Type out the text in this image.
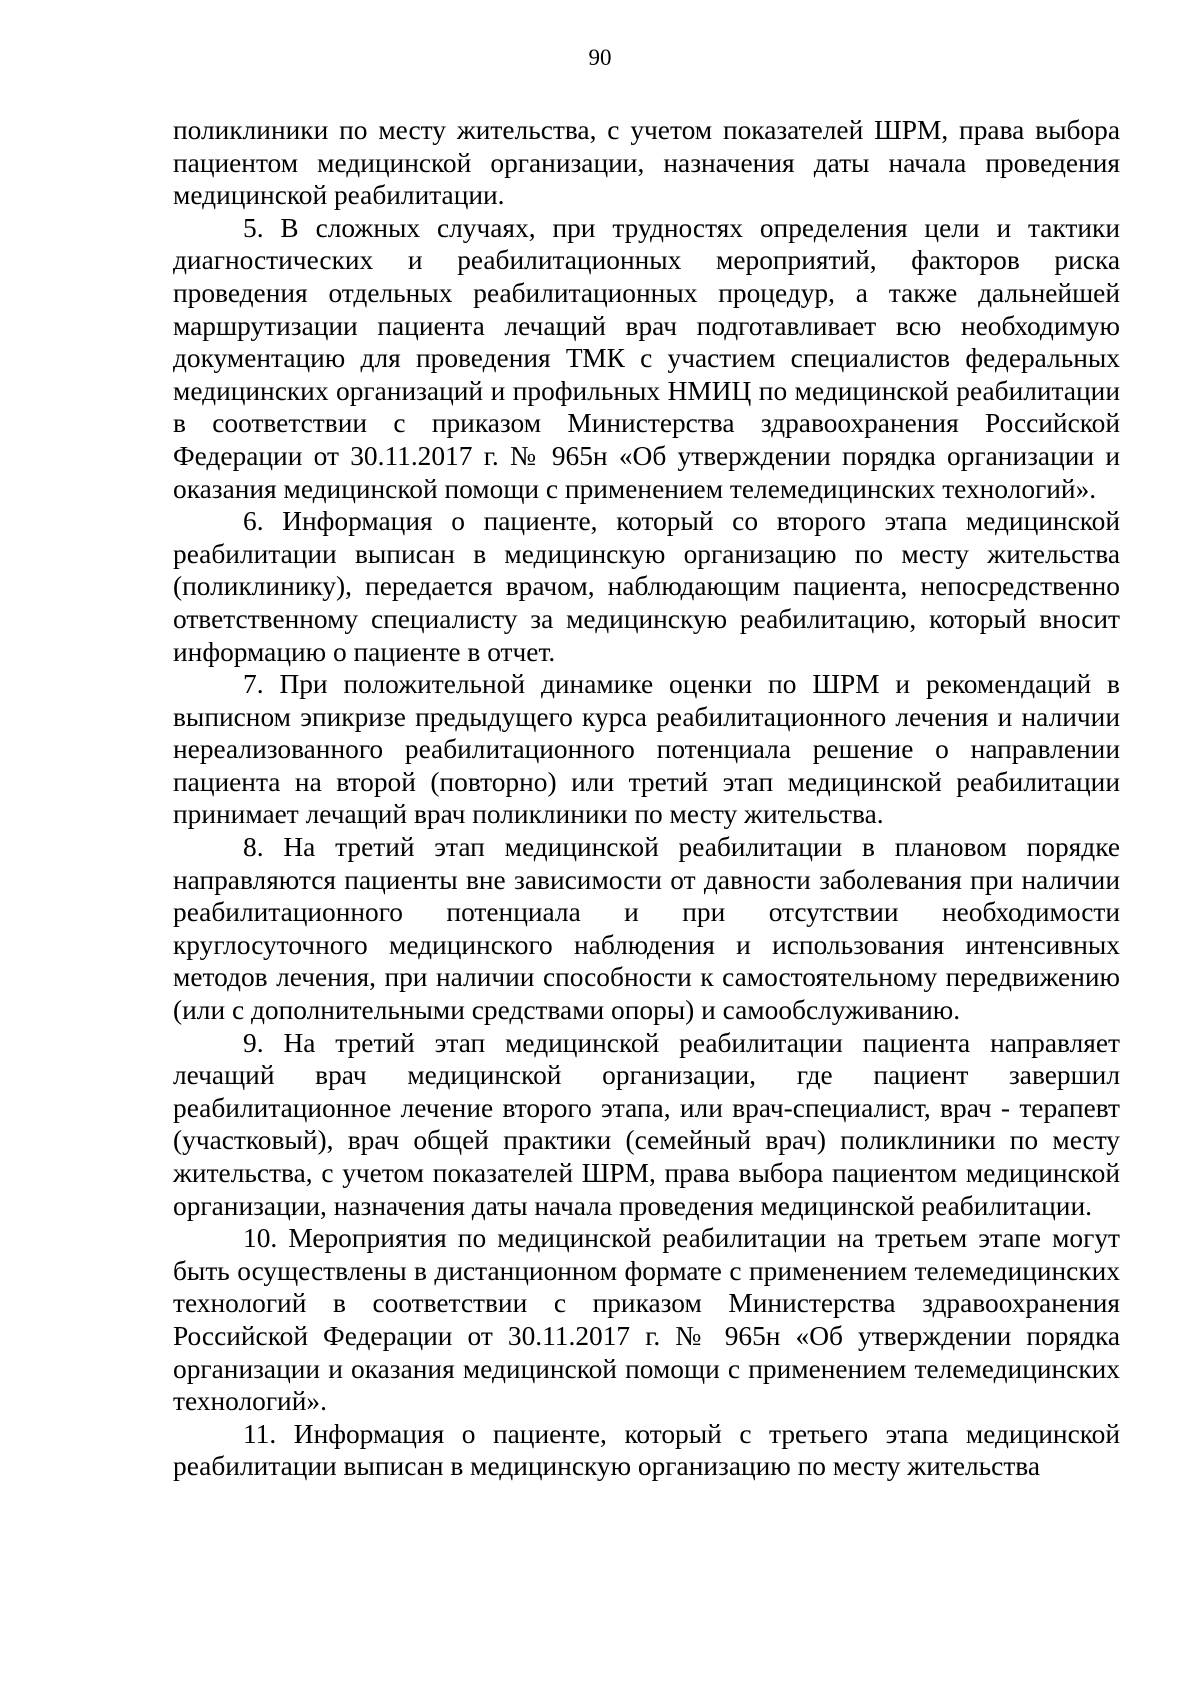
90

поликлиники по месту жительства, с учетом показателей ШРМ, права выбора пациентом медицинской организации, назначения даты начала проведения медицинской реабилитации.

5. В сложных случаях, при трудностях определения цели и тактики диагностических и реабилитационных мероприятий, факторов риска проведения отдельных реабилитационных процедур, а также дальнейшей маршрутизации пациента лечащий врач подготавливает всю необходимую документацию для проведения ТМК с участием специалистов федеральных медицинских организаций и профильных НМИЦ по медицинской реабилитации в соответствии с приказом Министерства здравоохранения Российской Федерации от 30.11.2017 г. № 965н «Об утверждении порядка организации и оказания медицинской помощи с применением телемедицинских технологий».

6. Информация о пациенте, который со второго этапа медицинской реабилитации выписан в медицинскую организацию по месту жительства (поликлинику), передается врачом, наблюдающим пациента, непосредственно ответственному специалисту за медицинскую реабилитацию, который вносит информацию о пациенте в отчет.

7. При положительной динамике оценки по ШРМ и рекомендаций в выписном эпикризе предыдущего курса реабилитационного лечения и наличии нереализованного реабилитационного потенциала решение о направлении пациента на второй (повторно) или третий этап медицинской реабилитации принимает лечащий врач поликлиники по месту жительства.

8. На третий этап медицинской реабилитации в плановом порядке направляются пациенты вне зависимости от давности заболевания при наличии реабилитационного потенциала и при отсутствии необходимости круглосуточного медицинского наблюдения и использования интенсивных методов лечения, при наличии способности к самостоятельному передвижению (или с дополнительными средствами опоры) и самообслуживанию.

9. На третий этап медицинской реабилитации пациента направляет лечащий врач медицинской организации, где пациент завершил реабилитационное лечение второго этапа, или врач-специалист, врач - терапевт (участковый), врач общей практики (семейный врач) поликлиники по месту жительства, с учетом показателей ШРМ, права выбора пациентом медицинской организации, назначения даты начала проведения медицинской реабилитации.

10. Мероприятия по медицинской реабилитации на третьем этапе могут быть осуществлены в дистанционном формате с применением телемедицинских технологий в соответствии с приказом Министерства здравоохранения Российской Федерации от 30.11.2017 г. № 965н «Об утверждении порядка организации и оказания медицинской помощи с применением телемедицинских технологий».

11. Информация о пациенте, который с третьего этапа медицинской реабилитации выписан в медицинскую организацию по месту жительства
